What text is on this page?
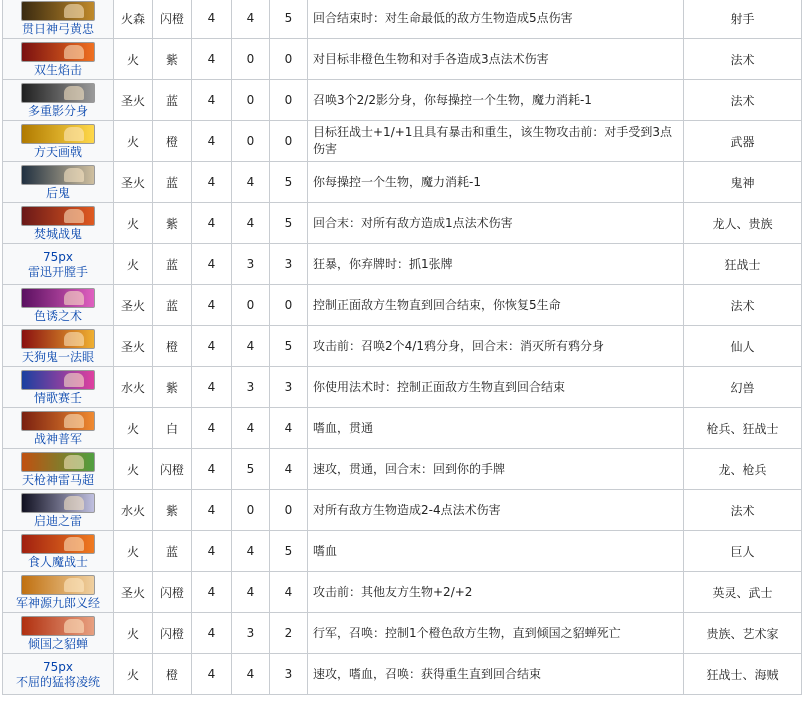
贯日神弓黄忠	火森	闪橙	4	4	5	回合结束时：对生命最低的敌方生物造成5点伤害	射手

双生焰击	火	紫	4	0	0	对目标非橙色生物和对手各造成3点法术伤害	法术

多重影分身	圣火	蓝	4	0	0	召唤3个2/2影分身，你每操控一个生物，魔力消耗-1	法术

方天画戟	火	橙	4	0	0	目标狂战士+1/+1且具有暴击和重生，该生物攻击前：对手受到3点伤害	武器

后鬼	圣火	蓝	4	4	5	你每操控一个生物，魔力消耗-1	鬼神

焚城战鬼	火	紫	4	4	5	回合末：对所有敌方造成1点法术伤害	龙人、贵族

75px
雷迅开膛手	火	蓝	4	3	3	狂暴，你弃牌时：抓1张牌	狂战士

色诱之术	圣火	蓝	4	0	0	控制正面敌方生物直到回合结束，你恢复5生命	法术

天狗鬼一法眼	圣火	橙	4	4	5	攻击前：召唤2个4/1鸦分身，回合末：消灭所有鸦分身	仙人

情歌赛壬	水火	紫	4	3	3	你使用法术时：控制正面敌方生物直到回合结束	幻兽

战神普军	火	白	4	4	4	嗜血，贯通	枪兵、狂战士

天枪神雷马超	火	闪橙	4	5	4	速攻，贯通，回合末：回到你的手牌	龙、枪兵

启迪之雷	水火	紫	4	0	0	对所有敌方生物造成2-4点法术伤害	法术

食人魔战士	火	蓝	4	4	5	嗜血	巨人

军神源九郎义经	圣火	闪橙	4	4	4	攻击前：其他友方生物+2/+2	英灵、武士

倾国之貂蝉	火	闪橙	4	3	2	行军，召唤：控制1个橙色敌方生物，直到倾国之貂蝉死亡	贵族、艺术家

75px
不屈的猛将凌统	火	橙	4	4	3	速攻，嗜血，召唤：获得重生直到回合结束	狂战士、海贼
